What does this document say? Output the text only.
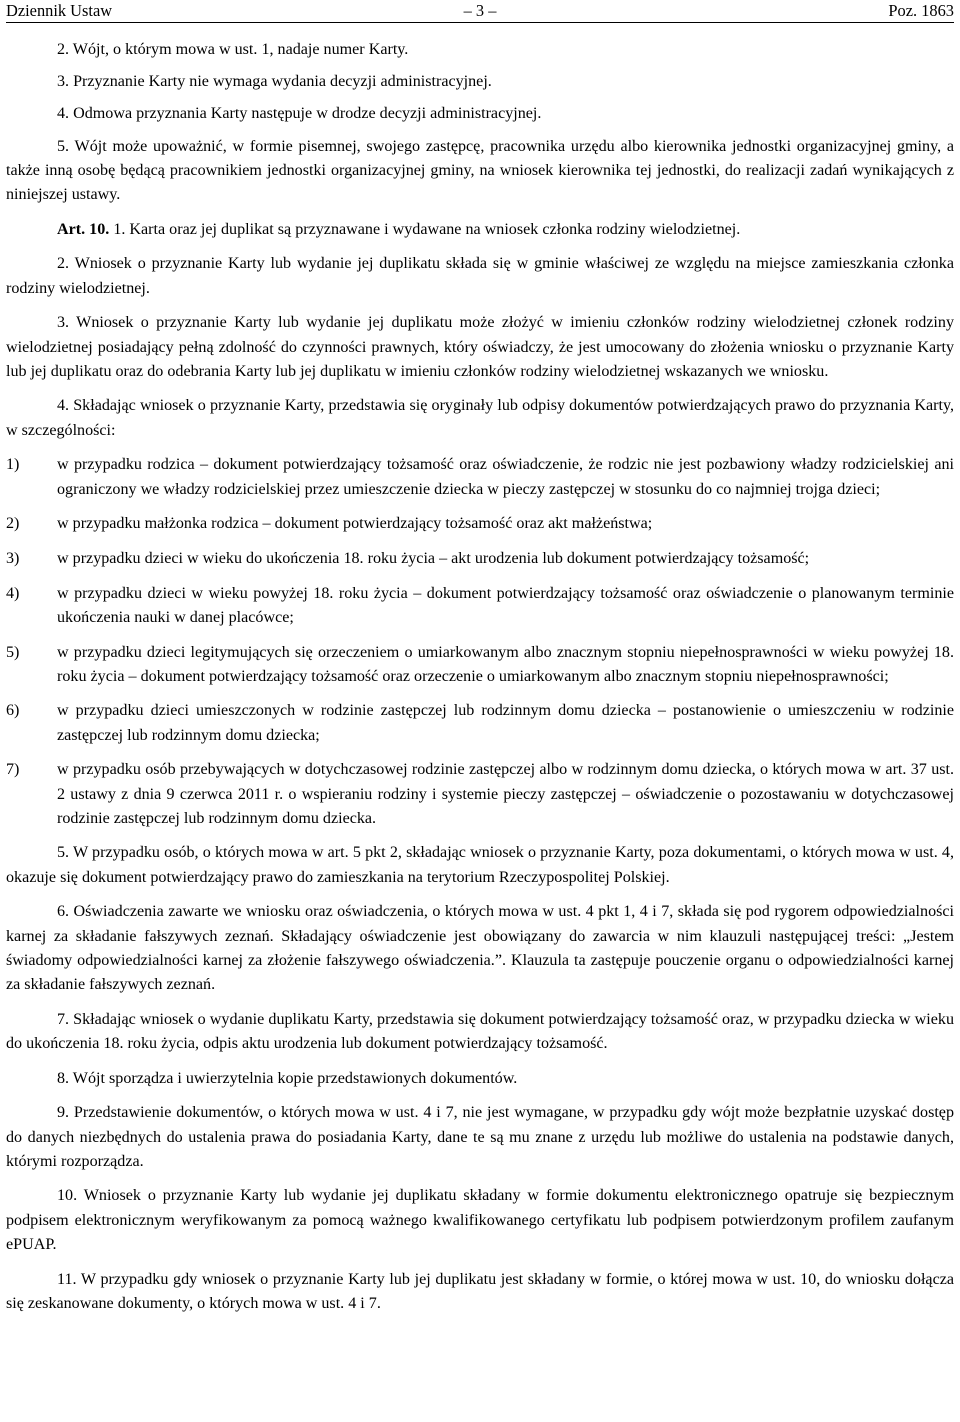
Dziennik Ustaw	– 3 –	Poz. 1863

2. Wójt, o którym mowa w ust. 1, nadaje numer Karty.

3. Przyznanie Karty nie wymaga wydania decyzji administracyjnej.

4. Odmowa przyznania Karty następuje w drodze decyzji administracyjnej.

5. Wójt może upoważnić, w formie pisemnej, swojego zastępcę, pracownika urzędu albo kierownika jednostki organizacyjnej gminy, a także inną osobę będącą pracownikiem jednostki organizacyjnej gminy, na wniosek kierownika tej jednostki, do realizacji zadań wynikających z niniejszej ustawy.

Art. 10. 1. Karta oraz jej duplikat są przyznawane i wydawane na wniosek członka rodziny wielodzietnej.

2. Wniosek o przyznanie Karty lub wydanie jej duplikatu składa się w gminie właściwej ze względu na miejsce zamieszkania członka rodziny wielodzietnej.

3. Wniosek o przyznanie Karty lub wydanie jej duplikatu może złożyć w imieniu członków rodziny wielodzietnej członek rodziny wielodzietnej posiadający pełną zdolność do czynności prawnych, który oświadczy, że jest umocowany do złożenia wniosku o przyznanie Karty lub jej duplikatu oraz do odebrania Karty lub jej duplikatu w imieniu członków rodziny wielodzietnej wskazanych we wniosku.

4. Składając wniosek o przyznanie Karty, przedstawia się oryginały lub odpisy dokumentów potwierdzających prawo do przyznania Karty, w szczególności:

1) w przypadku rodzica – dokument potwierdzający tożsamość oraz oświadczenie, że rodzic nie jest pozbawiony władzy rodzicielskiej ani ograniczony we władzy rodzicielskiej przez umieszczenie dziecka w pieczy zastępczej w stosunku do co najmniej trojga dzieci;
2) w przypadku małżonka rodzica – dokument potwierdzający tożsamość oraz akt małżeństwa;
3) w przypadku dzieci w wieku do ukończenia 18. roku życia – akt urodzenia lub dokument potwierdzający tożsamość;
4) w przypadku dzieci w wieku powyżej 18. roku życia – dokument potwierdzający tożsamość oraz oświadczenie o planowanym terminie ukończenia nauki w danej placówce;
5) w przypadku dzieci legitymujących się orzeczeniem o umiarkowanym albo znacznym stopniu niepełnosprawności w wieku powyżej 18. roku życia – dokument potwierdzający tożsamość oraz orzeczenie o umiarkowanym albo znacznym stopniu niepełnosprawności;
6) w przypadku dzieci umieszczonych w rodzinie zastępczej lub rodzinnym domu dziecka – postanowienie o umieszczeniu w rodzinie zastępczej lub rodzinnym domu dziecka;
7) w przypadku osób przebywających w dotychczasowej rodzinie zastępczej albo w rodzinnym domu dziecka, o których mowa w art. 37 ust. 2 ustawy z dnia 9 czerwca 2011 r. o wspieraniu rodziny i systemie pieczy zastępczej – oświadczenie o pozostawaniu w dotychczasowej rodzinie zastępczej lub rodzinnym domu dziecka.

5. W przypadku osób, o których mowa w art. 5 pkt 2, składając wniosek o przyznanie Karty, poza dokumentami, o których mowa w ust. 4, okazuje się dokument potwierdzający prawo do zamieszkania na terytorium Rzeczypospolitej Polskiej.

6. Oświadczenia zawarte we wniosku oraz oświadczenia, o których mowa w ust. 4 pkt 1, 4 i 7, składa się pod rygorem odpowiedzialności karnej za składanie fałszywych zeznań. Składający oświadczenie jest obowiązany do zawarcia w nim klauzuli następującej treści: „Jestem świadomy odpowiedzialności karnej za złożenie fałszywego oświadczenia.”. Klauzula ta zastępuje pouczenie organu o odpowiedzialności karnej za składanie fałszywych zeznań.

7. Składając wniosek o wydanie duplikatu Karty, przedstawia się dokument potwierdzający tożsamość oraz, w przypadku dziecka w wieku do ukończenia 18. roku życia, odpis aktu urodzenia lub dokument potwierdzający tożsamość.

8. Wójt sporządza i uwierzytelnia kopie przedstawionych dokumentów.

9. Przedstawienie dokumentów, o których mowa w ust. 4 i 7, nie jest wymagane, w przypadku gdy wójt może bezpłatnie uzyskać dostęp do danych niezbędnych do ustalenia prawa do posiadania Karty, dane te są mu znane z urzędu lub możliwe do ustalenia na podstawie danych, którymi rozporządza.

10. Wniosek o przyznanie Karty lub wydanie jej duplikatu składany w formie dokumentu elektronicznego opatruje się bezpiecznym podpisem elektronicznym weryfikowanym za pomocą ważnego kwalifikowanego certyfikatu lub podpisem potwierdzonym profilem zaufanym ePUAP.

11. W przypadku gdy wniosek o przyznanie Karty lub jej duplikatu jest składany w formie, o której mowa w ust. 10, do wniosku dołącza się zeskanowane dokumenty, o których mowa w ust. 4 i 7.
